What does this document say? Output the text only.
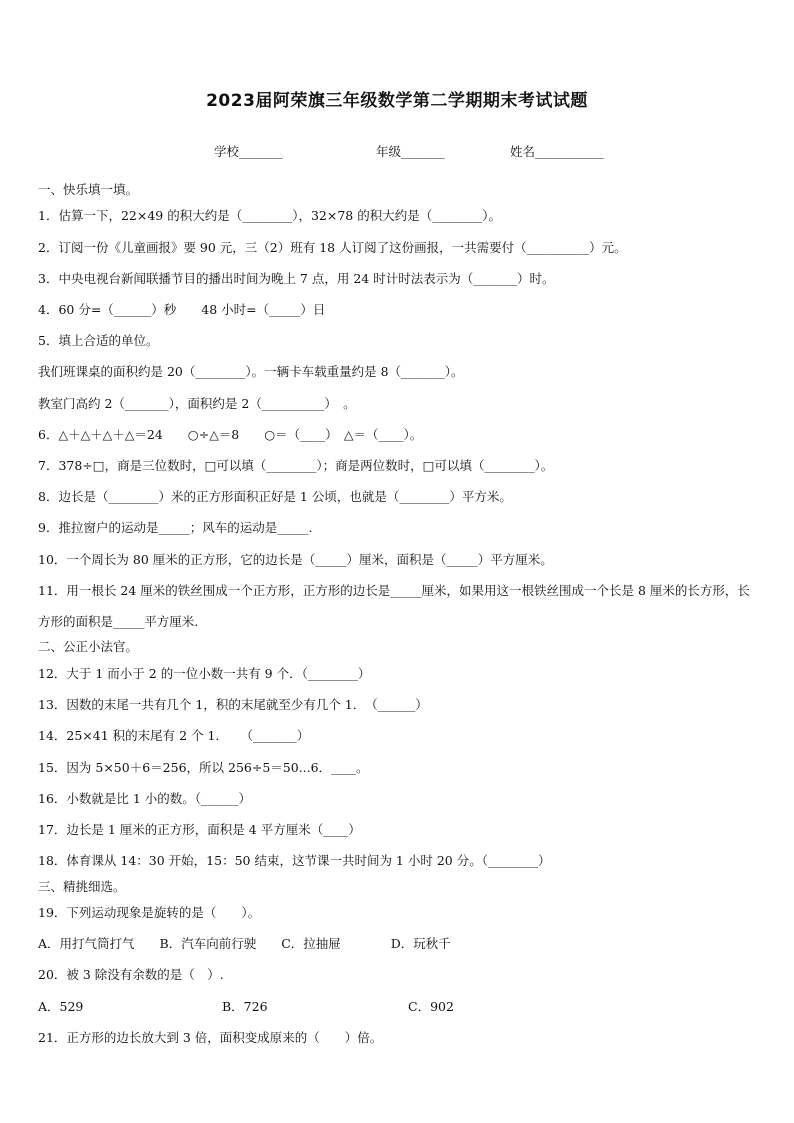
2023届阿荣旗三年级数学第二学期期末考试试题
学校_______	年级_______	姓名___________
一、快乐填一填。
1．估算一下，22×49 的积大约是（________），32×78 的积大约是（________）。
2．订阅一份《儿童画报》要 90 元，三（2）班有 18 人订阅了这份画报，一共需要付（__________）元。
3．中央电视台新闻联播节目的播出时间为晚上 7 点，用 24 时计时法表示为（_______）时。
4．60 分=（______）秒　　48 小时=（_____）日
5．填上合适的单位。
我们班课桌的面积约是 20（________）。一辆卡车载重量约是 8（_______）。
教室门高约 2（_______），面积约是 2（__________）　。
6．△＋△＋△＋△＝24　　○÷△＝8　　○＝（____）　△＝（____）。
7．378÷□，商是三位数时，□可以填（________）；商是两位数时，□可以填（________）。
8．边长是（________）米的正方形面积正好是 1 公顷，也就是（________）平方米。
9．推拉窗户的运动是_____；风车的运动是_____.
10．一个周长为 80 厘米的正方形，它的边长是（_____）厘米，面积是（_____）平方厘米。
11．用一根长 24 厘米的铁丝围成一个正方形，正方形的边长是_____厘米，如果用这一根铁丝围成一个长是 8 厘米的长方形，长方形的面积是_____平方厘米.
二、公正小法官。
12．大于 1 而小于 2 的一位小数一共有 9 个．（________）
13．因数的末尾一共有几个 1，积的末尾就至少有几个 1．　（______）
14．25×41 积的末尾有 2 个 1．　　（_______）
15．因为 5×50＋6＝256，所以 256÷5＝50...6．____。
16．小数就是比 1 小的数。（______）
17．边长是 1 厘米的正方形，面积是 4 平方厘米（____）
18．体育课从 14：30 开始，15：50 结束，这节课一共时间为 1 小时 20 分。（________）
三、精挑细选。
19．下列运动现象是旋转的是（　　）。
A．用打气筒打气　　B．汽车向前行驶　　C．拉抽屉　　　　D．玩秋千
20．被 3 除没有余数的是（　）.
A．529	B．726	C．902
21．正方形的边长放大到 3 倍，面积变成原来的（　　）倍。
